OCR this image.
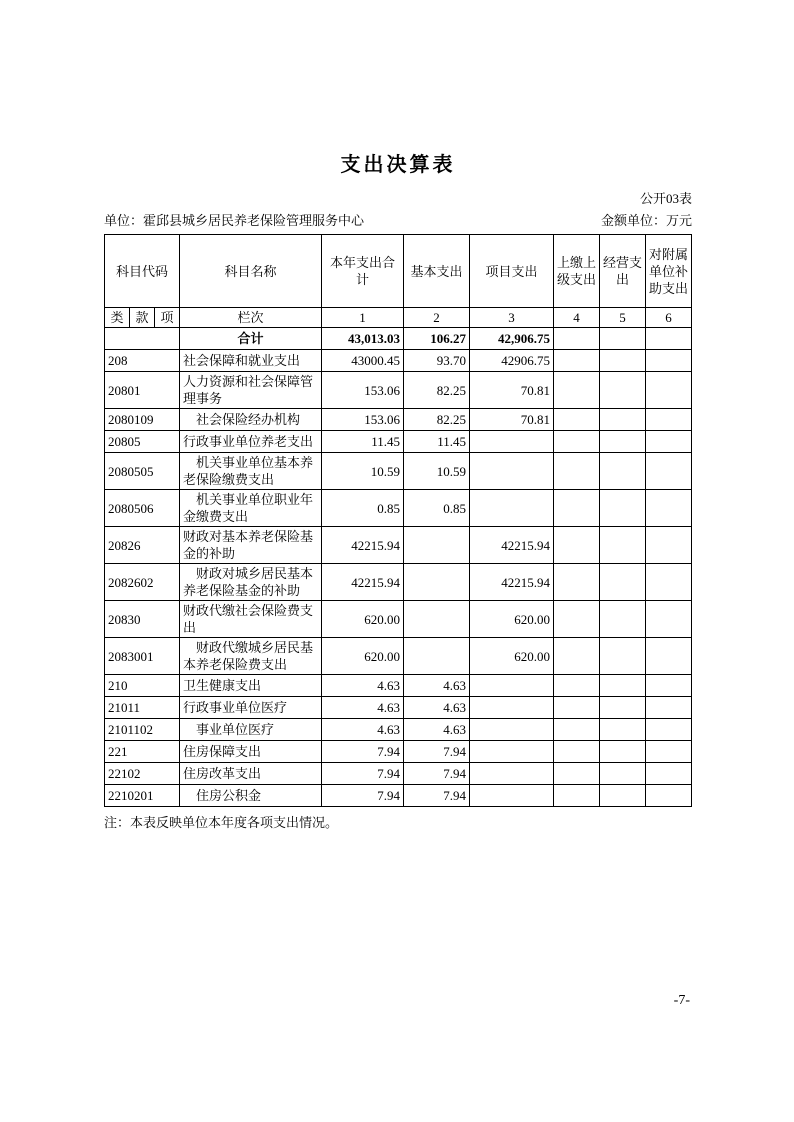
支出决算表
公开03表
单位：霍邱县城乡居民养老保险管理服务中心	金额单位：万元
科目代码			科目名称	本年支出合计	基本支出	项目支出	上缴上级支出	经营支出	对附属单位补助支出
类	款	项	栏次	1	2	3	4	5	6
			合计	43,013.03	106.27	42,906.75			
208			社会保障和就业支出	43000.45	93.70	42906.75			
20801			人力资源和社会保障管理事务	153.06	82.25	70.81			
2080109			社会保险经办机构	153.06	82.25	70.81			
20805			行政事业单位养老支出	11.45	11.45				
2080505			机关事业单位基本养老保险缴费支出	10.59	10.59				
2080506			机关事业单位职业年金缴费支出	0.85	0.85				
20826			财政对基本养老保险基金的补助	42215.94		42215.94			
2082602			财政对城乡居民基本养老保险基金的补助	42215.94		42215.94			
20830			财政代缴社会保险费支出	620.00		620.00			
2083001			财政代缴城乡居民基本养老保险费支出	620.00		620.00			
210			卫生健康支出	4.63	4.63				
21011			行政事业单位医疗	4.63	4.63				
2101102			事业单位医疗	4.63	4.63				
221			住房保障支出	7.94	7.94				
22102			住房改革支出	7.94	7.94				
2210201			住房公积金	7.94	7.94				
注：本表反映单位本年度各项支出情况。
-7-
